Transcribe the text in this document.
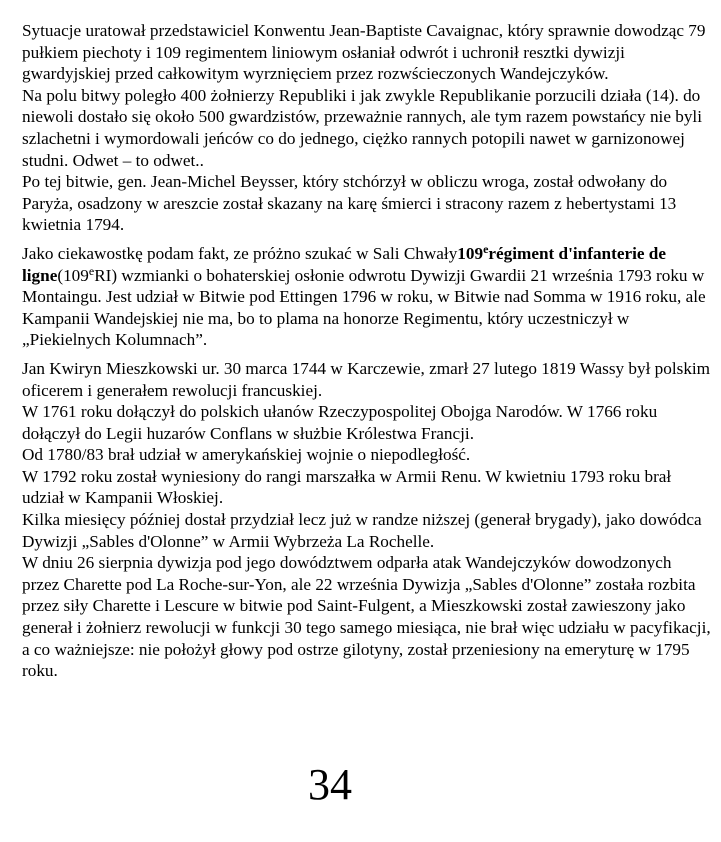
Sytuacje uratował przedstawiciel Konwentu Jean-Baptiste Cavaignac, który sprawnie dowodząc 79 pułkiem piechoty i 109 regimentem liniowym osłaniał odwrót i uchronił resztki dywizji gwardyjskiej przed całkowitym wyrznięciem przez rozwścieczonych Wandejczyków.

Na polu bitwy poległo 400 żołnierzy Republiki i jak zwykle Republikanie porzucili działa (14). do niewoli dostało się około 500 gwardzistów, przeważnie rannych, ale tym razem powstańcy nie byli szlachetni i wymordowali jeńców co do jednego, ciężko rannych potopili nawet w garnizonowej studni. Odwet – to odwet..

Po tej bitwie, gen. Jean-Michel Beysser, który stchórzył w obliczu wroga, został odwołany do Paryża, osadzony w areszcie został skazany na karę śmierci i stracony razem z hebertystami 13 kwietnia 1794.

Jako ciekawostkę podam fakt, ze próżno szukać w Sali Chwały109erégiment d'infanterie de ligne(109eRI) wzmianki o bohaterskiej osłonie odwrotu Dywizji Gwardii 21 września 1793 roku w Montaingu. Jest udział w Bitwie pod Ettingen 1796 w roku, w Bitwie nad Somma w 1916 roku, ale Kampanii Wandejskiej nie ma, bo to plama na honorze Regimentu, który uczestniczył w „Piekielnych Kolumnach”.

Jan Kwiryn Mieszkowski ur. 30 marca 1744 w Karczewie, zmarł 27 lutego 1819 Wassy był polskim oficerem i generałem rewolucji francuskiej.

W 1761 roku dołączył do polskich ułanów Rzeczypospolitej Obojga Narodów. W 1766 roku dołączył do Legii huzarów Conflans w służbie Królestwa Francji.

Od 1780/83 brał udział w amerykańskiej wojnie o niepodległość.

W 1792 roku został wyniesiony do rangi marszałka w Armii Renu. W kwietniu 1793 roku brał udział w Kampanii Włoskiej.

Kilka miesięcy później dostał przydział lecz już w randze niższej (generał brygady), jako dowódca Dywizji „Sables d'Olonne” w Armii Wybrzeża La Rochelle.

W dniu 26 sierpnia dywizja pod jego dowództwem odparła atak Wandejczyków dowodzonych przez Charette pod La Roche-sur-Yon, ale 22 września Dywizja „Sables d'Olonne” została rozbita przez siły Charette i Lescure w bitwie pod Saint-Fulgent, a Mieszkowski został zawieszony jako generał i żołnierz rewolucji w funkcji 30 tego samego miesiąca, nie brał więc udziału w pacyfikacji, a co ważniejsze: nie położył głowy pod ostrze gilotyny, został przeniesiony na emeryturę w 1795 roku.

34
